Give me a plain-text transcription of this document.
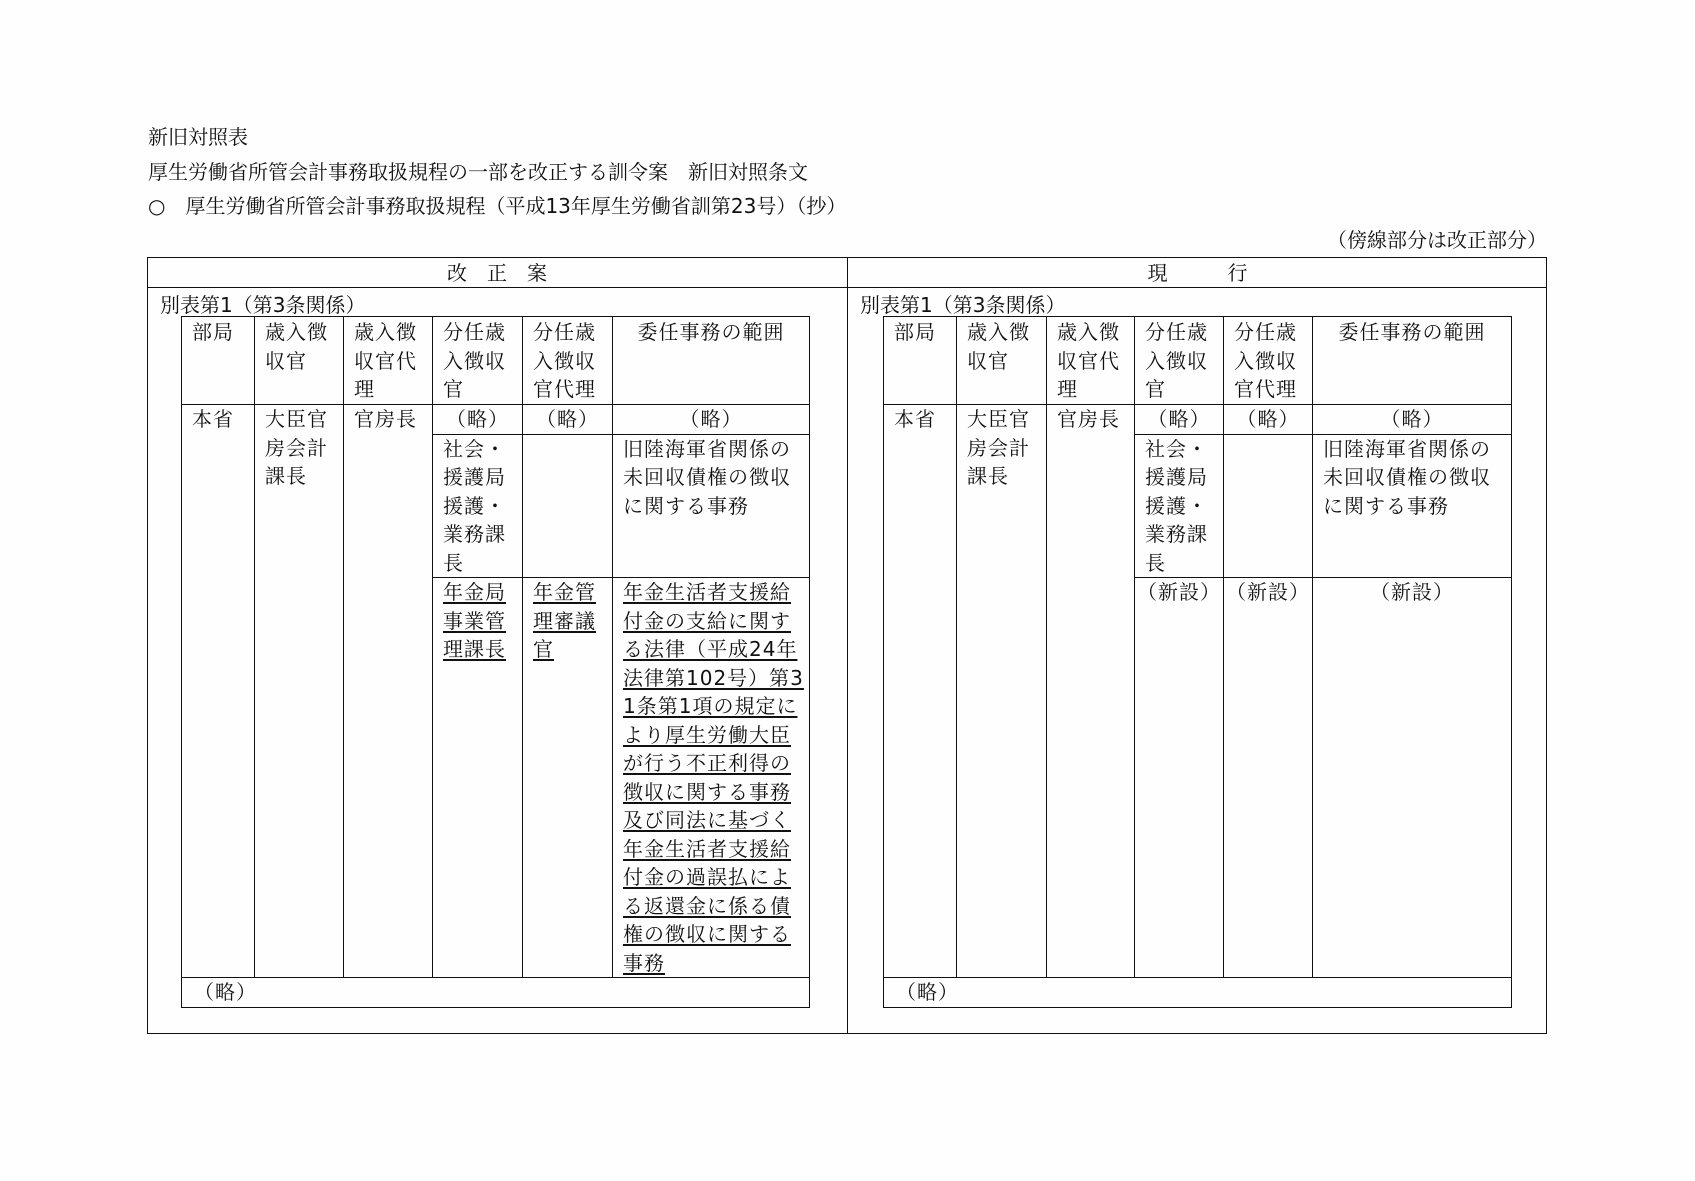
新旧対照表
厚生労働省所管会計事務取扱規程の一部を改正する訓令案　新旧対照条文
○　厚生労働省所管会計事務取扱規程（平成13年厚生労働省訓第23号）（抄）
（傍線部分は改正部分）
改　正　案	現　　　行
別表第1（第3条関係）	別表第1（第3条関係）
部局	歳入徴収官	歳入徴収官代理	分任歳入徴収官	分任歳入徴収官代理	委任事務の範囲
本省	大臣官房会計課長	官房長	（略）	（略）	（略）
			社会・援護局援護・業務課長		旧陸海軍省関係の未回収債権の徴収に関する事務
			年金局事業管理課長	年金管理審議官	年金生活者支援給付金の支給に関する法律（平成24年法律第102号）第31条第1項の規定により厚生労働大臣が行う不正利得の徴収に関する事務及び同法に基づく年金生活者支援給付金の過誤払による返還金に係る債権の徴収に関する事務
（略）					
部局	歳入徴収官	歳入徴収官代理	分任歳入徴収官	分任歳入徴収官代理	委任事務の範囲
本省	大臣官房会計課長	官房長	（略）	（略）	（略）
			社会・援護局援護・業務課長		旧陸海軍省関係の未回収債権の徴収に関する事務
			（新設）	（新設）	（新設）
（略）					
